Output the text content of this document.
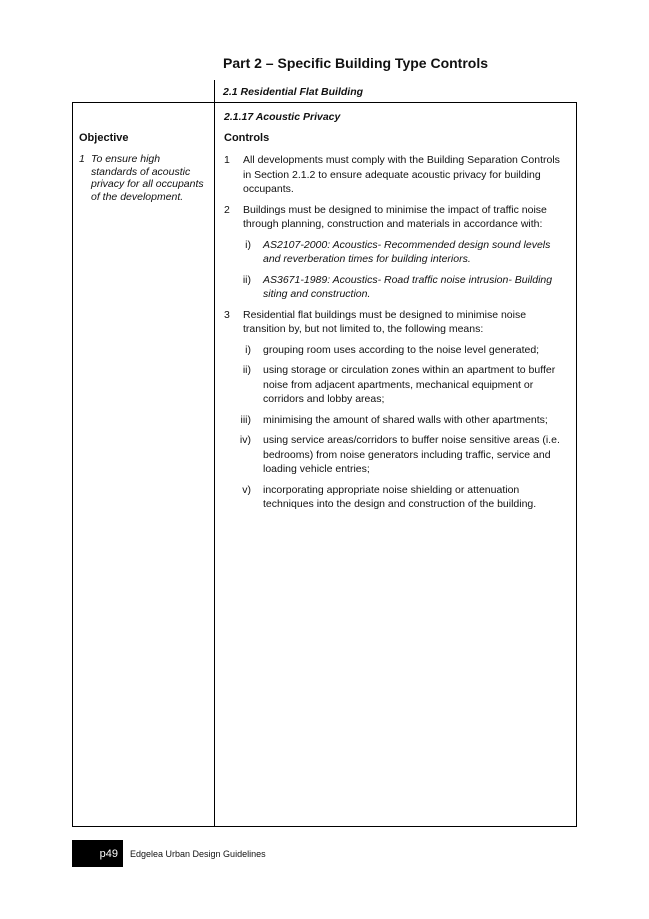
Part 2 – Specific Building Type Controls
2.1 Residential Flat Building
2.1.17 Acoustic Privacy
Objective	Controls
1 To ensure high standards of acoustic privacy for all occupants of the development.
1	All developments must comply with the Building Separation Controls in Section 2.1.2 to ensure adequate acoustic privacy for building occupants.
2	Buildings must be designed to minimise the impact of traffic noise through planning, construction and materials in accordance with:
i)	AS2107-2000: Acoustics- Recommended design sound levels and reverberation times for building interiors.
ii)	AS3671-1989: Acoustics- Road traffic noise intrusion- Building siting and construction.
3	Residential flat buildings must be designed to minimise noise transition by, but not limited to, the following means:
i)	grouping room uses according to the noise level generated;
ii)	using storage or circulation zones within an apartment to buffer noise from adjacent apartments, mechanical equipment or corridors and lobby areas;
iii)	minimising the amount of shared walls with other apartments;
iv)	using service areas/corridors to buffer noise sensitive areas (i.e. bedrooms) from noise generators including traffic, service and loading vehicle entries;
v)	incorporating appropriate noise shielding or attenuation techniques into the design and construction of the building.
p49 Edgelea Urban Design Guidelines
